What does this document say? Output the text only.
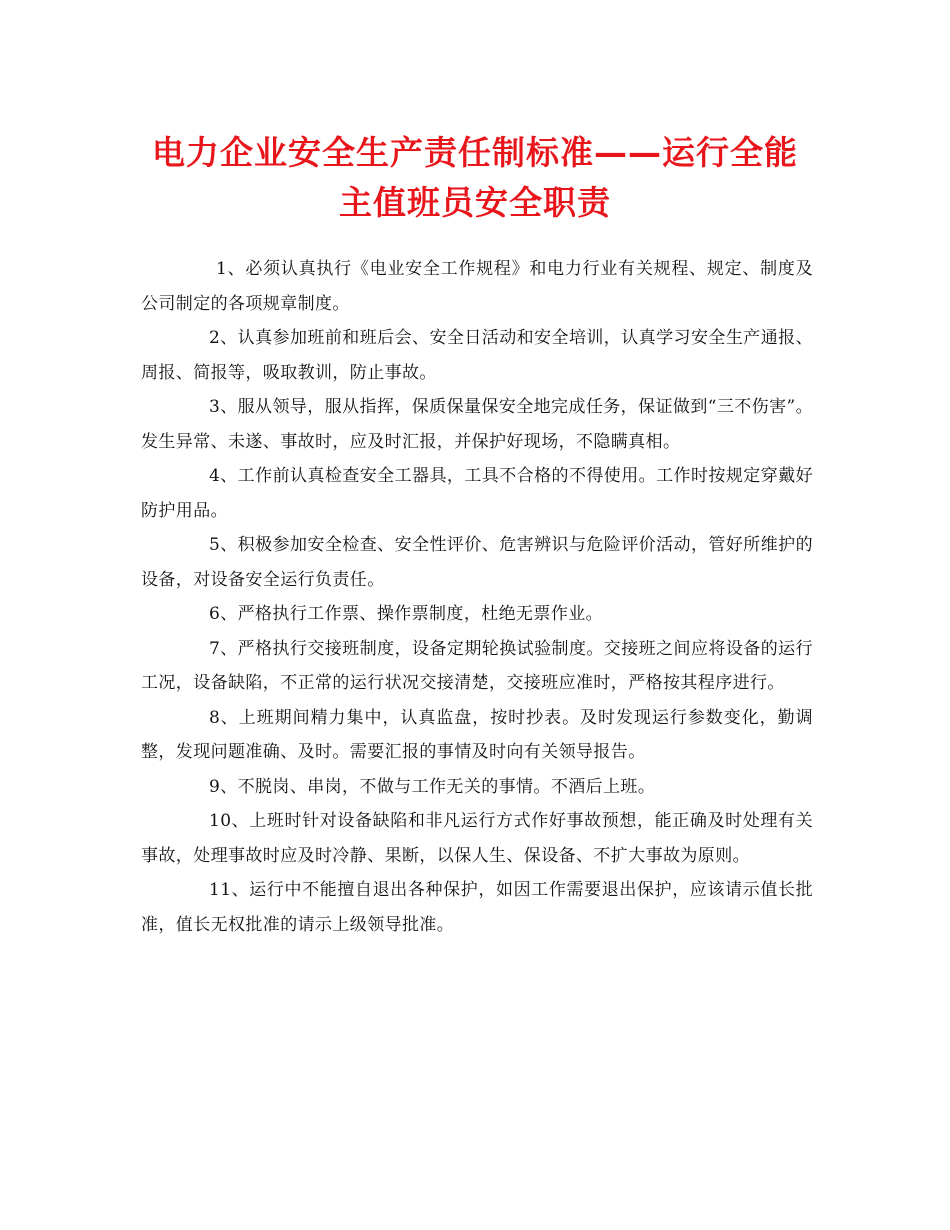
电力企业安全生产责任制标准——运行全能
主值班员安全职责

1、必须认真执行《电业安全工作规程》和电力行业有关规程、规定、制度及公司制定的各项规章制度。

2、认真参加班前和班后会、安全日活动和安全培训，认真学习安全生产通报、周报、简报等，吸取教训，防止事故。

3、服从领导，服从指挥，保质保量保安全地完成任务，保证做到“三不伤害”。发生异常、未遂、事故时，应及时汇报，并保护好现场，不隐瞒真相。

4、工作前认真检查安全工器具，工具不合格的不得使用。工作时按规定穿戴好防护用品。

5、积极参加安全检查、安全性评价、危害辨识与危险评价活动，管好所维护的设备，对设备安全运行负责任。

6、严格执行工作票、操作票制度，杜绝无票作业。

7、严格执行交接班制度，设备定期轮换试验制度。交接班之间应将设备的运行工况，设备缺陷，不正常的运行状况交接清楚，交接班应准时，严格按其程序进行。

8、上班期间精力集中，认真监盘，按时抄表。及时发现运行参数变化，勤调整，发现问题准确、及时。需要汇报的事情及时向有关领导报告。

9、不脱岗、串岗，不做与工作无关的事情。不酒后上班。

10、上班时针对设备缺陷和非凡运行方式作好事故预想，能正确及时处理有关事故，处理事故时应及时冷静、果断，以保人生、保设备、不扩大事故为原则。

11、运行中不能擅自退出各种保护，如因工作需要退出保护，应该请示值长批准，值长无权批准的请示上级领导批准。
